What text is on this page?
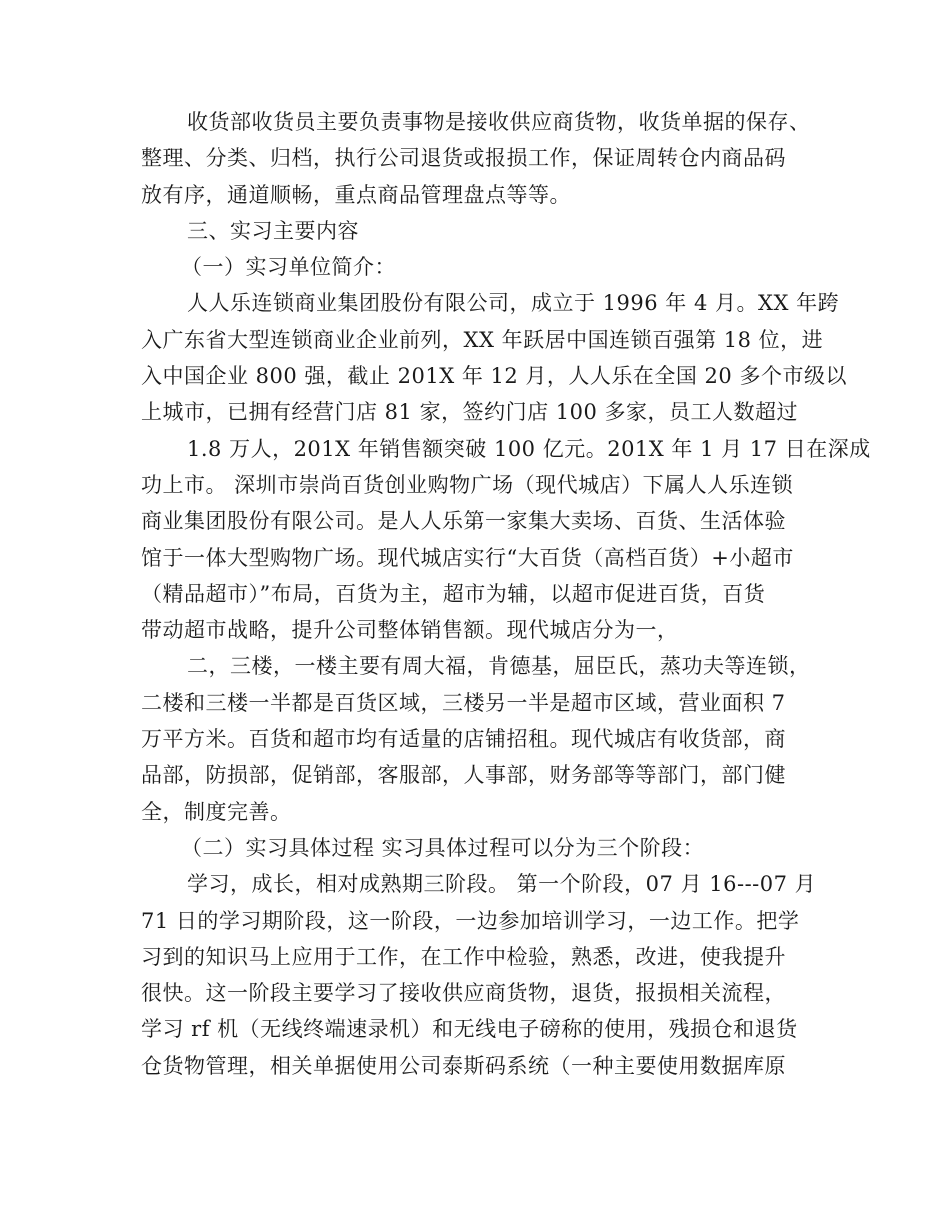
收货部收货员主要负责事物是接收供应商货物，收货单据的保存、
整理、分类、归档，执行公司退货或报损工作，保证周转仓内商品码
放有序，通道顺畅，重点商品管理盘点等等。
三、实习主要内容
（一）实习单位简介：
人人乐连锁商业集团股份有限公司，成立于 1996 年 4 月。XX 年跨
入广东省大型连锁商业企业前列，XX 年跃居中国连锁百强第 18 位，进
入中国企业 800 强，截止 201X 年 12 月，人人乐在全国 20 多个市级以
上城市，已拥有经营门店 81 家，签约门店 100 多家，员工人数超过
1.8 万人，201X 年销售额突破 100 亿元。201X 年 1 月 17 日在深成
功上市。 深圳市崇尚百货创业购物广场（现代城店）下属人人乐连锁
商业集团股份有限公司。是人人乐第一家集大卖场、百货、生活体验
馆于一体大型购物广场。现代城店实行“大百货（高档百货）+小超市
（精品超市）”布局，百货为主，超市为辅，以超市促进百货，百货
带动超市战略，提升公司整体销售额。现代城店分为一，
二，三楼，一楼主要有周大福，肯德基，屈臣氏，蒸功夫等连锁，
二楼和三楼一半都是百货区域，三楼另一半是超市区域，营业面积 7
万平方米。百货和超市均有适量的店铺招租。现代城店有收货部，商
品部，防损部，促销部，客服部，人事部，财务部等等部门，部门健
全，制度完善。
（二）实习具体过程 实习具体过程可以分为三个阶段：
学习，成长，相对成熟期三阶段。 第一个阶段，07 月 16---07 月
71 日的学习期阶段，这一阶段，一边参加培训学习，一边工作。把学
习到的知识马上应用于工作，在工作中检验，熟悉，改进，使我提升
很快。这一阶段主要学习了接收供应商货物，退货，报损相关流程，
学习 rf 机（无线终端速录机）和无线电子磅称的使用，残损仓和退货
仓货物管理，相关单据使用公司泰斯码系统（一种主要使用数据库原
